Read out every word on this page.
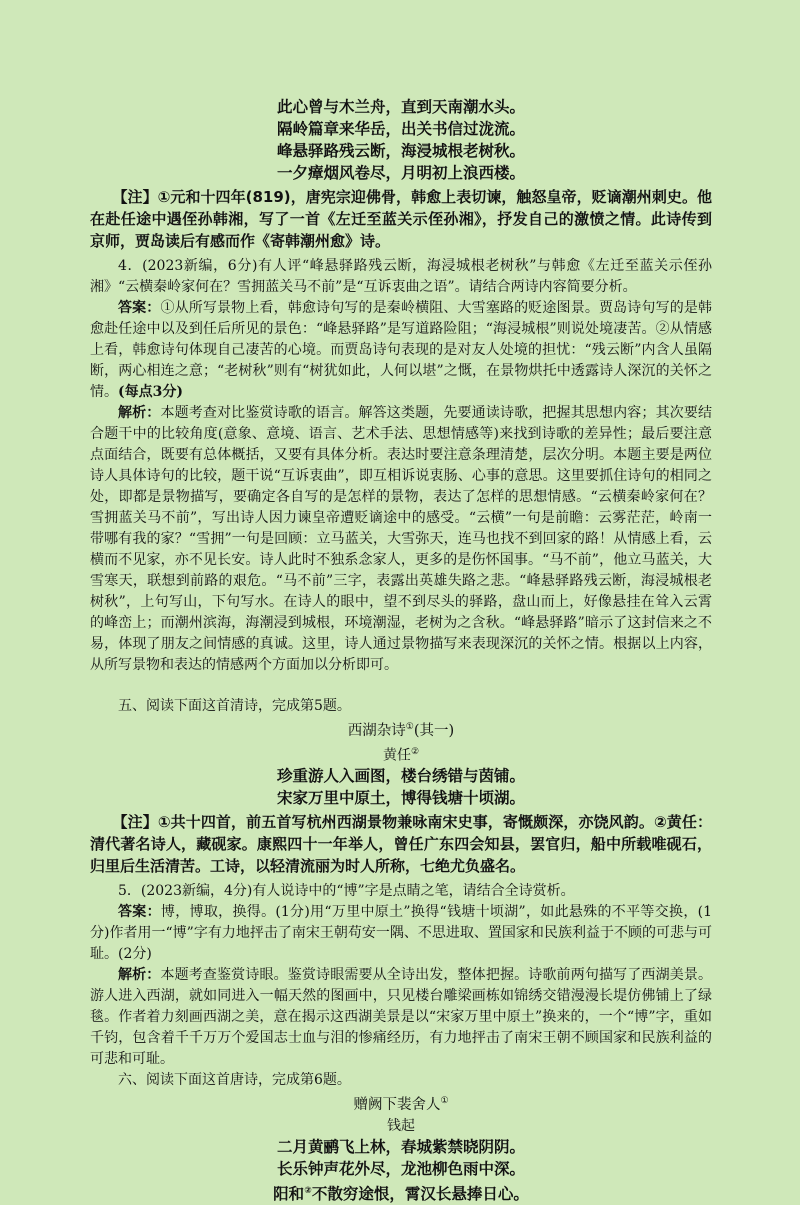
此心曾与木兰舟，直到天南潮水头。
隔岭篇章来华岳，出关书信过泷流。
峰悬驿路残云断，海浸城根老树秋。
一夕瘴烟风卷尽，月明初上浪西楼。

【注】①元和十四年(819)，唐宪宗迎佛骨，韩愈上表切谏，触怒皇帝，贬谪潮州刺史。他在赴任途中遇侄孙韩湘，写了一首《左迁至蓝关示侄孙湘》，抒发自己的激愤之情。此诗传到京师，贾岛读后有感而作《寄韩潮州愈》诗。

4．(2023新编，6分)有人评“峰悬驿路残云断，海浸城根老树秋”与韩愈《左迁至蓝关示侄孙湘》“云横秦岭家何在？雪拥蓝关马不前”是“互诉衷曲之语”。请结合两诗内容简要分析。

答案：①从所写景物上看，韩愈诗句写的是秦岭横阻、大雪塞路的贬途图景。贾岛诗句写的是韩愈赴任途中以及到任后所见的景色：“峰悬驿路”是写道路险阻；“海浸城根”则说处境凄苦。②从情感上看，韩愈诗句体现自己凄苦的心境。而贾岛诗句表现的是对友人处境的担忧：“残云断”内含人虽隔断，两心相连之意；“老树秋”则有“树犹如此，人何以堪”之慨，在景物烘托中透露诗人深沉的关怀之情。(每点3分)

解析：本题考查对比鉴赏诗歌的语言。解答这类题，先要通读诗歌，把握其思想内容；其次要结合题干中的比较角度(意象、意境、语言、艺术手法、思想情感等)来找到诗歌的差异性；最后要注意点面结合，既要有总体概括，又要有具体分析。表达时要注意条理清楚，层次分明。本题主要是两位诗人具体诗句的比较，题干说“互诉衷曲”，即互相诉说衷肠、心事的意思。这里要抓住诗句的相同之处，即都是景物描写，要确定各自写的是怎样的景物，表达了怎样的思想情感。“云横秦岭家何在？雪拥蓝关马不前”，写出诗人因力谏皇帝遭贬谪途中的感受。“云横”一句是前瞻：云雾茫茫，岭南一带哪有我的家？“雪拥”一句是回顾：立马蓝关，大雪弥天，连马也找不到回家的路！从情感上看，云横而不见家，亦不见长安。诗人此时不独系念家人，更多的是伤怀国事。“马不前”，他立马蓝关，大雪寒天，联想到前路的艰危。“马不前”三字，表露出英雄失路之悲。“峰悬驿路残云断，海浸城根老树秋”，上句写山，下句写水。在诗人的眼中，望不到尽头的驿路，盘山而上，好像悬挂在耸入云霄的峰峦上；而潮州滨海，海潮浸到城根，环境潮湿，老树为之含秋。“峰悬驿路”暗示了这封信来之不易，体现了朋友之间情感的真诚。这里，诗人通过景物描写来表现深沉的关怀之情。根据以上内容，从所写景物和表达的情感两个方面加以分析即可。

五、阅读下面这首清诗，完成第5题。

西湖杂诗①(其一)
黄任②
珍重游人入画图，楼台绣错与茵铺。
宋家万里中原土，博得钱塘十顷湖。

【注】①共十四首，前五首写杭州西湖景物兼咏南宋史事，寄慨颇深，亦饶风韵。②黄任：清代著名诗人，藏砚家。康熙四十一年举人，曾任广东四会知县，罢官归，船中所载唯砚石，归里后生活清苦。工诗，以轻清流丽为时人所称，七绝尤负盛名。

5．(2023新编，4分)有人说诗中的“博”字是点睛之笔，请结合全诗赏析。

答案：博，博取，换得。(1分)用“万里中原土”换得“钱塘十顷湖”，如此悬殊的不平等交换，(1分)作者用一“博”字有力地抨击了南宋王朝苟安一隅、不思进取、置国家和民族利益于不顾的可悲与可耻。(2分)

解析：本题考查鉴赏诗眼。鉴赏诗眼需要从全诗出发，整体把握。诗歌前两句描写了西湖美景。游人进入西湖，就如同进入一幅天然的图画中，只见楼台雕梁画栋如锦绣交错漫漫长堤仿佛铺上了绿毯。作者着力刻画西湖之美，意在揭示这西湖美景是以“宋家万里中原土”换来的，一个“博”字，重如千钧，包含着千千万万个爱国志士血与泪的惨痛经历，有力地抨击了南宋王朝不顾国家和民族利益的可悲和可耻。

六、阅读下面这首唐诗，完成第6题。

赠阙下裴舍人①
钱起
二月黄鹂飞上林，春城紫禁晓阴阴。
长乐钟声花外尽，龙池柳色雨中深。
阳和②不散穷途恨，霄汉长悬捧日心。
